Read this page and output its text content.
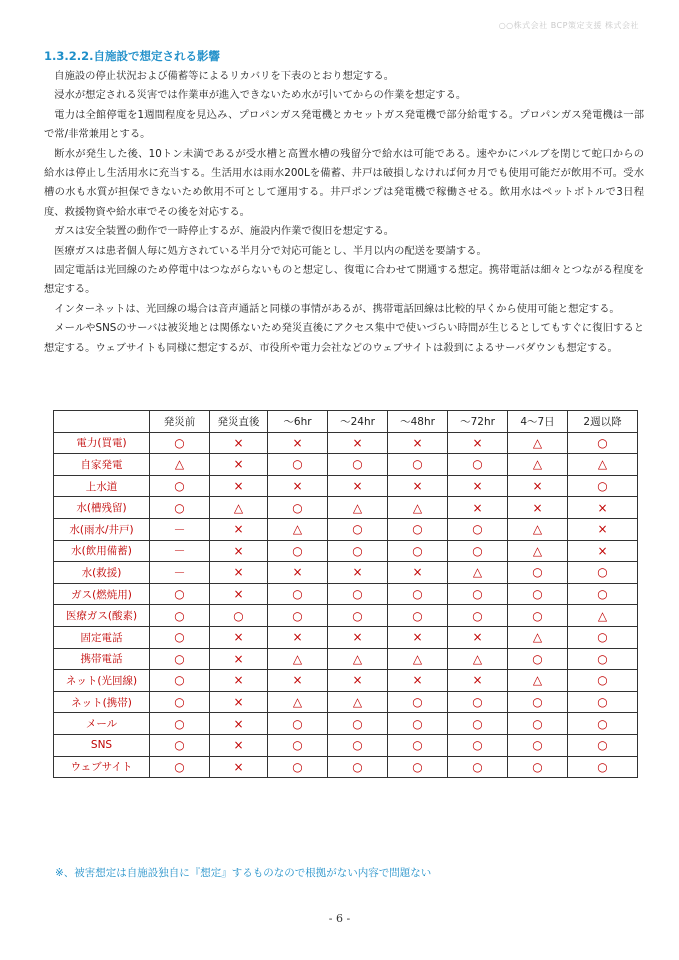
○○株式会社 BCP策定支援 株式会社
1.3.2.2.自施設で想定される影響

自施設の停止状況および備蓄等によるリカバリを下表のとおり想定する。

浸水が想定される災害では作業車が進入できないため水が引いてからの作業を想定する。

電力は全館停電を1週間程度を見込み、プロパンガス発電機とカセットガス発電機で部分給電する。プロパンガス発電機は一部で常/非常兼用とする。

断水が発生した後、10トン未満であるが受水槽と高置水槽の残留分で給水は可能である。速やかにバルブを閉じて蛇口からの給水は停止し生活用水に充当する。生活用水は雨水200Lを備蓄、井戸は破損しなければ何カ月でも使用可能だが飲用不可。受水槽の水も水質が担保できないため飲用不可として運用する。井戸ポンプは発電機で稼働させる。飲用水はペットボトルで3日程度、救援物資や給水車でその後を対応する。

ガスは安全装置の動作で一時停止するが、施設内作業で復旧を想定する。

医療ガスは患者個人毎に処方されている半月分で対応可能とし、半月以内の配送を要請する。

固定電話は光回線のため停電中はつながらないものと想定し、復電に合わせて開通する想定。携帯電話は細々とつながる程度を想定する。

インターネットは、光回線の場合は音声通話と同様の事情があるが、携帯電話回線は比較的早くから使用可能と想定する。

メールやSNSのサーバは被災地とは関係ないため発災直後にアクセス集中で使いづらい時間が生じるとしてもすぐに復旧すると想定する。ウェブサイトも同様に想定するが、市役所や電力会社などのウェブサイトは殺到によるサーバダウンも想定する。

	発災前	発災直後	～6hr	～24hr	～48hr	～72hr	4～7日	2週以降
電力(買電)	○	×	×	×	×	×	△	○
自家発電	△	×	○	○	○	○	△	△
上水道	○	×	×	×	×	×	×	○
水(槽残留)	○	△	○	△	△	×	×	×
水(雨水/井戸)	－	×	△	○	○	○	△	×
水(飲用備蓄)	－	×	○	○	○	○	△	×
水(救援)	－	×	×	×	×	△	○	○
ガス(燃焼用)	○	×	○	○	○	○	○	○
医療ガス(酸素)	○	○	○	○	○	○	○	△
固定電話	○	×	×	×	×	×	△	○
携帯電話	○	×	△	△	△	△	○	○
ネット(光回線)	○	×	×	×	×	×	△	○
ネット(携帯)	○	×	△	△	○	○	○	○
メール	○	×	○	○	○	○	○	○
SNS	○	×	○	○	○	○	○	○
ウェブサイト	○	×	○	○	○	○	○	○
※、被害想定は自施設独自に『想定』するものなので根拠がない内容で問題ない
- 6 -
